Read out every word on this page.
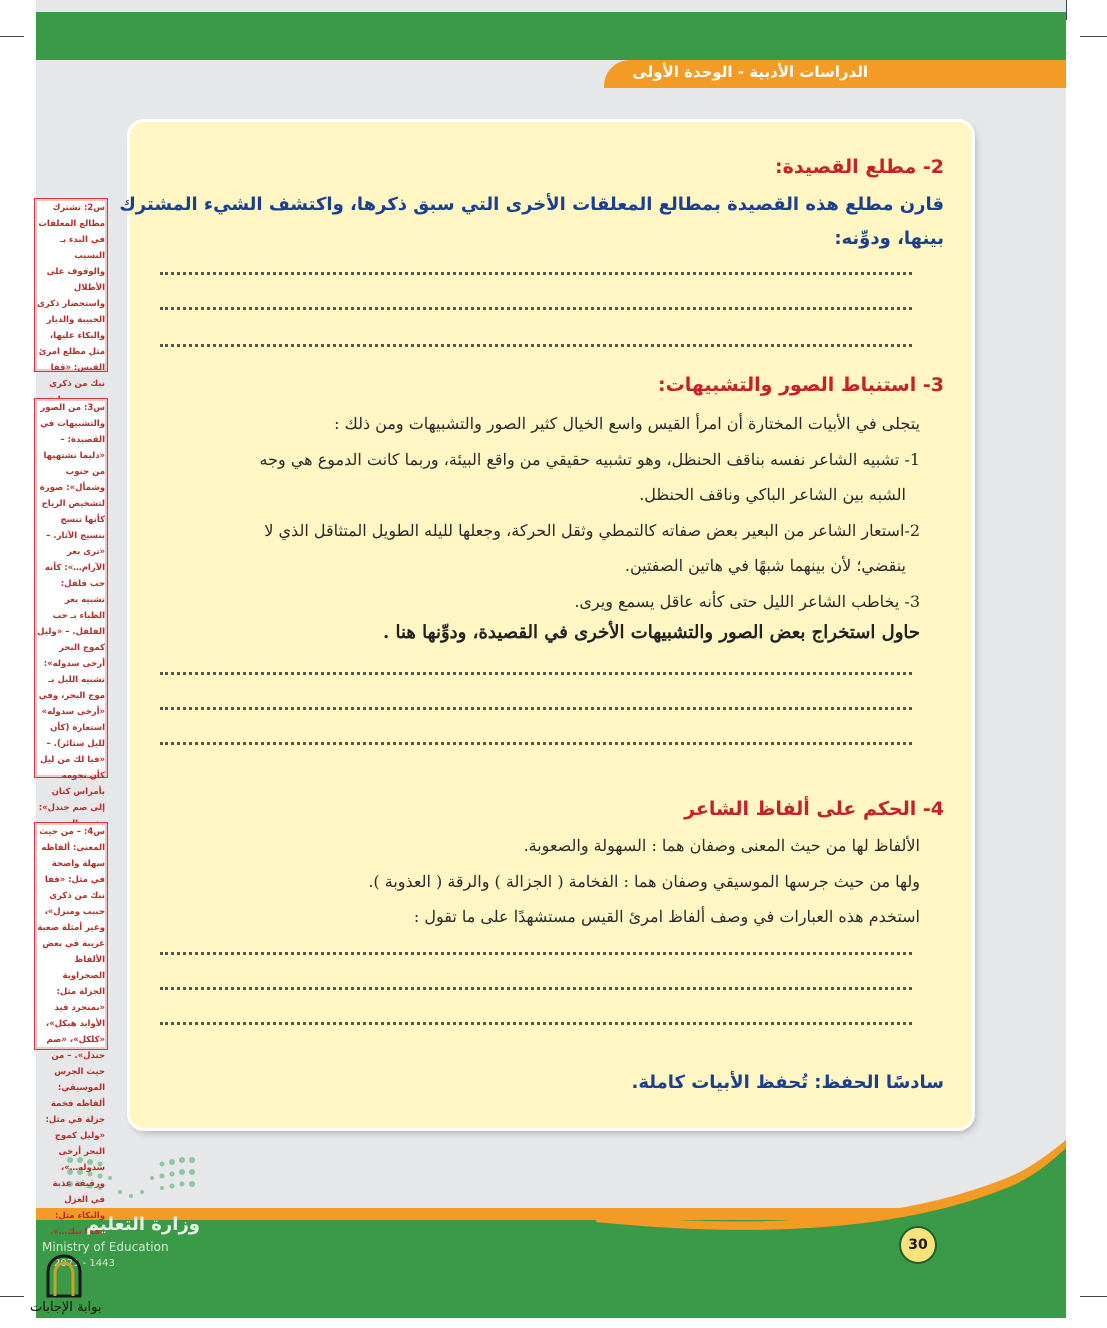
الدراسات الأدبية - الوحدة الأولى
2- مطلع القصيدة:
قارن مطلع هذه القصيدة بمطالع المعلقات الأخرى التي سبق ذكرها، واكتشف الشيء المشترك
بينها، ودوِّنه:
3- استنباط الصور والتشبيهات:
يتجلى في الأبيات المختارة أن امرأ القيس واسع الخيال كثير الصور والتشبيهات ومن ذلك :
1- تشبيه الشاعر نفسه بناقف الحنظل، وهو تشبيه حقيقي من واقع البيئة، وربما كانت الدموع هي وجه
الشبه بين الشاعر الباكي وناقف الحنظل.
2-استعار الشاعر من البعير بعض صفاته كالتمطي وثقل الحركة، وجعلها لليله الطويل المتثاقل الذي لا
ينقضي؛ لأن بينهما شبهًا في هاتين الصفتين.
3- يخاطب الشاعر الليل حتى كأنه عاقل يسمع ويرى.
حاول استخراج بعض الصور والتشبيهات الأخرى في القصيدة، ودوِّنها هنا .
4- الحكم على ألفاظ الشاعر
الألفاظ لها من حيث المعنى وصفان هما : السهولة والصعوبة.
ولها من حيث جرسها الموسيقي وصفان هما : الفخامة ( الجزالة ) والرقة ( العذوبة ).
استخدم هذه العبارات في وصف ألفاظ امرئ القيس مستشهدًا على ما تقول :
سادسًا الحفظ: تُحفظ الأبيات كاملة.
30
س2: تشترك مطالع المعلقات في البدء بـ النسيب والوقوف على الأطلال واستحضار ذكرى الحبيبة والديار والبكاء عليها، مثل مطلع امرئ القيس: «قفا نبك من ذكرى
س3: من الصور والتشبيهات في القصيدة: – «دليما نشتهيها من جنوب وشمأل»: صورة لتشخيص الرياح كأنها تنسج بنسيج الآثار. – «ترى بعر الآرام…»: كأنه حب فلفل: تشبيه بعر الظباء بـ حب الفلفل. – «وليل كموج البحر أرخى سدوله»: تشبيه الليل بـ موج البحر، وفي «أرخى سدوله» استعارة (كأن لليل ستائر). – «فيا لك من ليل كأن نجومه بأمراس كتان إلى صم جندل»:
س4: – من حيث المعنى: ألفاظه سهلة واضحة في مثل: «قفا نبك من ذكرى حبيب ومنزل»، وغير أمثلة صعبة غريبة في بعض الألفاظ الصحراوية الجزلة مثل: «بمنجرد قيد الأوابد هيكل»، «كلكل»، «صم جندل». – من حيث الجرس الموسيقي: ألفاظه فخمة جزلة في مثل: «وليل كموج البحر أرخى سدوله…»، ورقيقة عذبة في الغزل والبكاء مثل: «قفا نبك…».
وزارة التعليم
Ministry of Education
2021 - 1443
بوابة الإجابات
